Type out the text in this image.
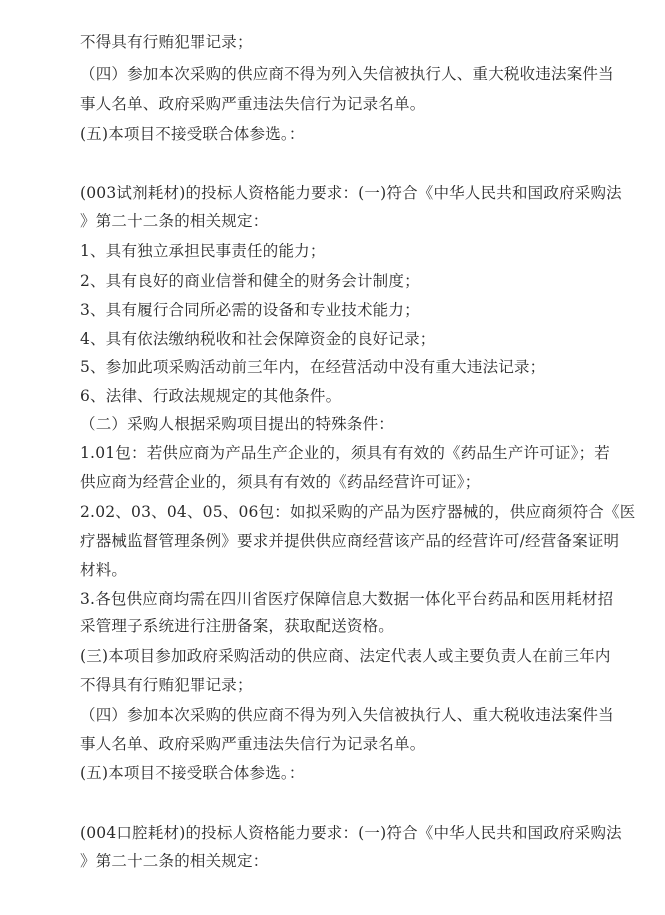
不得具有行贿犯罪记录；
（四）参加本次采购的供应商不得为列入失信被执行人、重大税收违法案件当
事人名单、政府采购严重违法失信行为记录名单。
(五)本项目不接受联合体参选。：
(003试剂耗材)的投标人资格能力要求：(一)符合《中华人民共和国政府采购法
》第二十二条的相关规定：
1、具有独立承担民事责任的能力；
2、具有良好的商业信誉和健全的财务会计制度；
3、具有履行合同所必需的设备和专业技术能力；
4、具有依法缴纳税收和社会保障资金的良好记录；
5、参加此项采购活动前三年内，在经营活动中没有重大违法记录；
6、法律、行政法规规定的其他条件。
（二）采购人根据采购项目提出的特殊条件：
1.01包：若供应商为产品生产企业的，须具有有效的《药品生产许可证》；若
供应商为经营企业的，须具有有效的《药品经营许可证》；
2.02、03、04、05、06包：如拟采购的产品为医疗器械的，供应商须符合《医
疗器械监督管理条例》要求并提供供应商经营该产品的经营许可/经营备案证明
材料。
3.各包供应商均需在四川省医疗保障信息大数据一体化平台药品和医用耗材招
采管理子系统进行注册备案，获取配送资格。
(三)本项目参加政府采购活动的供应商、法定代表人或主要负责人在前三年内
不得具有行贿犯罪记录；
（四）参加本次采购的供应商不得为列入失信被执行人、重大税收违法案件当
事人名单、政府采购严重违法失信行为记录名单。
(五)本项目不接受联合体参选。：
(004口腔耗材)的投标人资格能力要求：(一)符合《中华人民共和国政府采购法
》第二十二条的相关规定：
